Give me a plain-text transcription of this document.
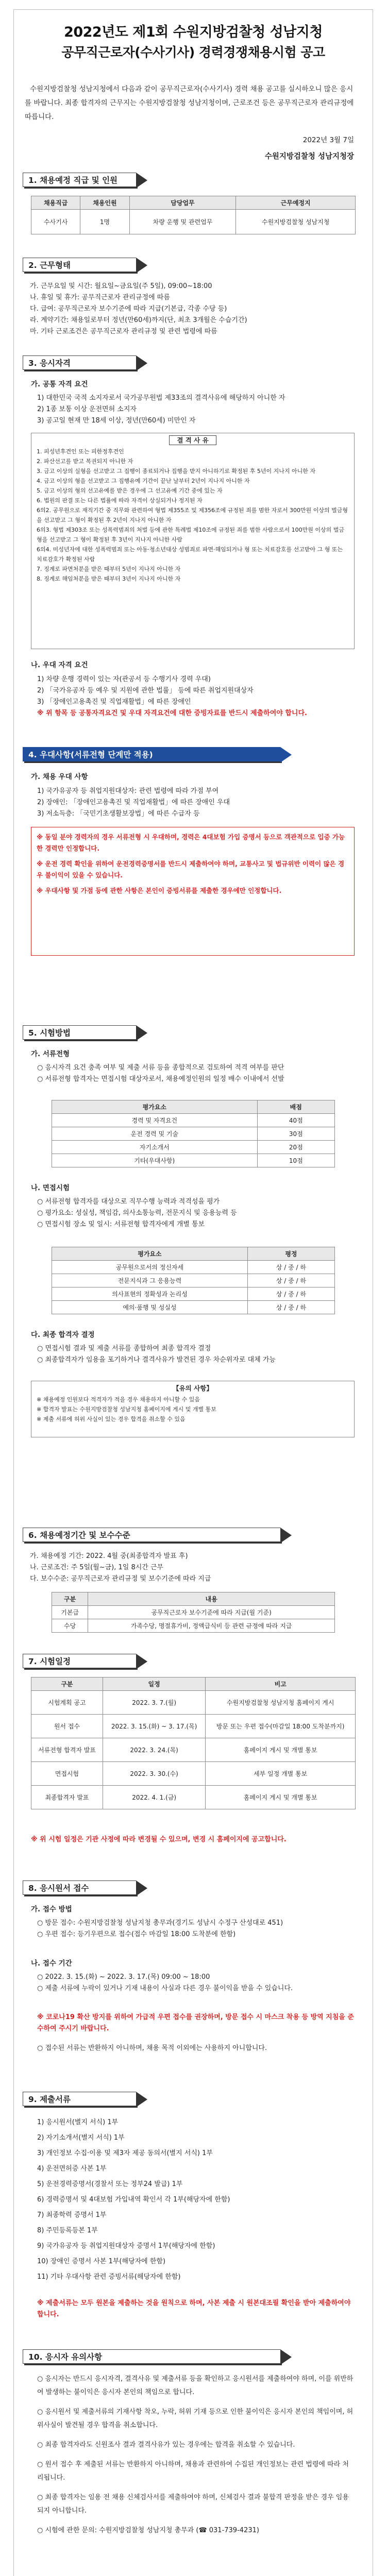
2022년도 제1회 수원지방검찰청 성남지청
공무직근로자(수사기사) 경력경쟁채용시험 공고
수원지방검찰청 성남지청에서 다음과 같이 공무직근로자(수사기사) 경력 채용 공고를 실시하오니 많은 응시를 바랍니다. 최종 합격자의 근무지는 수원지방검찰청 성남지청이며, 근로조건 등은 공무직근로자 관리규정에 따릅니다.
2022년 3월 7일
수원지방검찰청 성남지청장
1. 채용예정 직급 및 인원
채용직급	채용인원	담당업무	근무예정지
수사기사	1명	차량 운행 및 관련업무	수원지방검찰청 성남지청
2. 근무형태
가. 근무요일 및 시간: 월요일~금요일(주 5일), 09:00~18:00
나. 휴일 및 휴가: 공무직근로자 관리규정에 따름
다. 급여: 공무직근로자 보수기준에 따라 지급(기본급, 각종 수당 등)
라. 계약기간: 채용일로부터 정년(만60세)까지(단, 최초 3개월은 수습기간)
마. 기타 근로조건은 공무직근로자 관리규정 및 관련 법령에 따름
3. 응시자격
가. 공통 자격 요건
1) 대한민국 국적 소지자로서 국가공무원법 제33조의 결격사유에 해당하지 아니한 자
2) 1종 보통 이상 운전면허 소지자
3) 공고일 현재 만 18세 이상, 정년(만60세) 미만인 자
결 격 사 유
1. 피성년후견인 또는 피한정후견인
2. 파산선고를 받고 복권되지 아니한 자
3. 금고 이상의 실형을 선고받고 그 집행이 종료되거나 집행을 받지 아니하기로 확정된 후 5년이 지나지 아니한 자
4. 금고 이상의 형을 선고받고 그 집행유예 기간이 끝난 날부터 2년이 지나지 아니한 자
5. 금고 이상의 형의 선고유예를 받은 경우에 그 선고유예 기간 중에 있는 자
6. 법원의 판결 또는 다른 법률에 따라 자격이 상실되거나 정지된 자
6의2. 공무원으로 재직기간 중 직무와 관련하여 형법 제355조 및 제356조에 규정된 죄를 범한 자로서 300만원 이상의 벌금형을 선고받고 그 형이 확정된 후 2년이 지나지 아니한 자
6의3. 형법 제303조 또는 성폭력범죄의 처벌 등에 관한 특례법 제10조에 규정된 죄를 범한 사람으로서 100만원 이상의 벌금형을 선고받고 그 형이 확정된 후 3년이 지나지 아니한 사람
6의4. 미성년자에 대한 성폭력범죄 또는 아동·청소년대상 성범죄로 파면·해임되거나 형 또는 치료감호를 선고받아 그 형 또는 치료감호가 확정된 사람
7. 징계로 파면처분을 받은 때부터 5년이 지나지 아니한 자
8. 징계로 해임처분을 받은 때부터 3년이 지나지 아니한 자
나. 우대 자격 요건
1) 차량 운행 경력이 있는 자(관공서 등 수행기사 경력 우대)
2) 「국가유공자 등 예우 및 지원에 관한 법률」 등에 따른 취업지원대상자
3) 「장애인고용촉진 및 직업재활법」에 따른 장애인
※ 위 항목 등 공통자격요건 및 우대 자격요건에 대한 증빙자료를 반드시 제출하여야 합니다.
4. 우대사항(서류전형 단계만 적용)
가. 채용 우대 사항
1) 국가유공자 등 취업지원대상자: 관련 법령에 따라 가점 부여
2) 장애인: 「장애인고용촉진 및 직업재활법」에 따른 장애인 우대
3) 저소득층: 「국민기초생활보장법」에 따른 수급자 등
※ 동일 분야 경력자의 경우 서류전형 시 우대하며, 경력은 4대보험 가입 증명서 등으로 객관적으로 입증 가능한 경력만 인정합니다.
※ 운전 경력 확인을 위하여 운전경력증명서를 반드시 제출하여야 하며, 교통사고 및 법규위반 이력이 많은 경우 불이익이 있을 수 있습니다.
※ 우대사항 및 가점 등에 관한 사항은 본인이 증빙서류를 제출한 경우에만 인정합니다.
5. 시험방법
가. 서류전형
○ 응시자격 요건 충족 여부 및 제출 서류 등을 종합적으로 검토하여 적격 여부를 판단
○ 서류전형 합격자는 면접시험 대상자로서, 채용예정인원의 일정 배수 이내에서 선발
평가요소	배점
경력 및 자격요건	40점
운전 경력 및 기술	30점
자기소개서	20점
기타(우대사항)	10점
나. 면접시험
○ 서류전형 합격자를 대상으로 직무수행 능력과 적격성을 평가
○ 평가요소: 성실성, 책임감, 의사소통능력, 전문지식 및 응용능력 등
○ 면접시험 장소 및 일시: 서류전형 합격자에게 개별 통보
평가요소	평정
공무원으로서의 정신자세	상 / 중 / 하
전문지식과 그 응용능력	상 / 중 / 하
의사표현의 정확성과 논리성	상 / 중 / 하
예의·품행 및 성실성	상 / 중 / 하
다. 최종 합격자 결정
○ 면접시험 결과 및 제출 서류를 종합하여 최종 합격자 결정
○ 최종합격자가 임용을 포기하거나 결격사유가 발견된 경우 차순위자로 대체 가능
【유의 사항】
※ 채용예정 인원보다 적격자가 적을 경우 채용하지 아니할 수 있음
※ 합격자 발표는 수원지방검찰청 성남지청 홈페이지에 게시 및 개별 통보
※ 제출 서류에 허위 사실이 있는 경우 합격을 취소할 수 있음
6. 채용예정기간 및 보수수준
가. 채용예정 기간: 2022. 4월 중(최종합격자 발표 후)
나. 근로조건: 주 5일(월~금), 1일 8시간 근무
다. 보수수준: 공무직근로자 관리규정 및 보수기준에 따라 지급
구분	내용
기본급	공무직근로자 보수기준에 따라 지급(월 기준)
수당	가족수당, 명절휴가비, 정액급식비 등 관련 규정에 따라 지급
7. 시험일정
구분	일정	비고
시험계획 공고	2022. 3. 7.(월)	수원지방검찰청 성남지청 홈페이지 게시
원서 접수	2022. 3. 15.(화) ~ 3. 17.(목)	방문 또는 우편 접수(마감일 18:00 도착분까지)
서류전형 합격자 발표	2022. 3. 24.(목)	홈페이지 게시 및 개별 통보
면접시험	2022. 3. 30.(수)	세부 일정 개별 통보
최종합격자 발표	2022. 4. 1.(금)	홈페이지 게시 및 개별 통보
※ 위 시험 일정은 기관 사정에 따라 변경될 수 있으며, 변경 시 홈페이지에 공고합니다.
8. 응시원서 접수
가. 접수 방법
○ 방문 접수: 수원지방검찰청 성남지청 총무과(경기도 성남시 수정구 산성대로 451)
○ 우편 접수: 등기우편으로 접수(접수 마감일 18:00 도착분에 한함)
나. 접수 기간
○ 2022. 3. 15.(화) ~ 2022. 3. 17.(목) 09:00 ~ 18:00
○ 제출 서류에 누락이 있거나 기재 내용이 사실과 다른 경우 불이익을 받을 수 있습니다.
※ 코로나19 확산 방지를 위하여 가급적 우편 접수를 권장하며, 방문 접수 시 마스크 착용 등 방역 지침을 준수하여 주시기 바랍니다.
○ 접수된 서류는 반환하지 아니하며, 채용 목적 이외에는 사용하지 아니합니다.
9. 제출서류
1) 응시원서(별지 서식) 1부
2) 자기소개서(별지 서식) 1부
3) 개인정보 수집·이용 및 제3자 제공 동의서(별지 서식) 1부
4) 운전면허증 사본 1부
5) 운전경력증명서(경찰서 또는 정부24 발급) 1부
6) 경력증명서 및 4대보험 가입내역 확인서 각 1부(해당자에 한함)
7) 최종학력 증명서 1부
8) 주민등록등본 1부
9) 국가유공자 등 취업지원대상자 증명서 1부(해당자에 한함)
10) 장애인 증명서 사본 1부(해당자에 한함)
11) 기타 우대사항 관련 증빙서류(해당자에 한함)
※ 제출서류는 모두 원본을 제출하는 것을 원칙으로 하며, 사본 제출 시 원본대조필 확인을 받아 제출하여야 합니다.
10. 응시자 유의사항
○ 응시자는 반드시 응시자격, 결격사유 및 제출서류 등을 확인하고 응시원서를 제출하여야 하며, 이를 위반하여 발생하는 불이익은 응시자 본인의 책임으로 합니다.
○ 응시원서 및 제출서류의 기재사항 착오, 누락, 허위 기재 등으로 인한 불이익은 응시자 본인의 책임이며, 허위사실이 발견될 경우 합격을 취소합니다.
○ 최종 합격자라도 신원조사 결과 결격사유가 있는 경우에는 합격을 취소할 수 있습니다.
○ 원서 접수 후 제출된 서류는 반환하지 아니하며, 채용과 관련하여 수집된 개인정보는 관련 법령에 따라 처리됩니다.
○ 최종 합격자는 임용 전 채용 신체검사서를 제출하여야 하며, 신체검사 결과 불합격 판정을 받은 경우 임용되지 아니합니다.
○ 시험에 관한 문의: 수원지방검찰청 성남지청 총무과 (☎ 031-739-4231)
